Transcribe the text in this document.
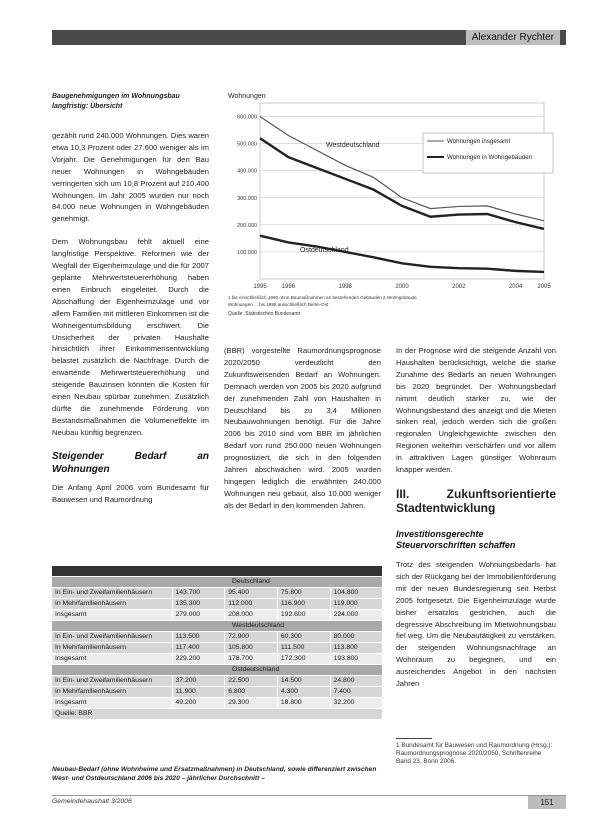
Alexander Rychter
Baugenehmigungen im Wohnungsbau langfristig: Übersicht

gezählt rund 240.000 Wohnungen. Dies waren etwa 10,3 Prozent oder 27.600 weniger als im Vorjahr. Die Genehmigungen für den Bau neuer Wohnungen in Wohngebäuden verringerten sich um 10,8 Prozent auf 210.400 Wohnungen. Im Jahr 2005 wurden nur noch 84.000 neue Wohnungen in Wohngebäuden genehmigt.

Dem Wohnungsbau fehlt aktuell eine langfristige Perspektive. Reformen wie der Wegfall der Eigenheimzulage und die für 2007 geplante Mehrwertsteuererhöhung haben einen Einbruch eingeleitet. Durch die Abschaffung der Eigenheimzulage und vor allem Familien mit mittleren Einkommen ist die Wohneigentumsbildung erschwert. Die Unsicherheit der privaten Haushalte hinsichtlich ihrer Einkommensentwicklung belastet zusätzlich die Nachfrage. Durch die erwartende Mehrwertsteuererhöhung und steigende Bauzinsen könnten die Kosten für einen Neubau spürbar zunehmen. Zusätzlich dürfte die zunehmende Förderung von Bestandsmaßnahmen die Volumeneffekte im Neubau künftig begrenzen.

Steigender Bedarf an Wohnungen

Die Anfang April 2006 vom Bundesamt für Bauwesen und Raumordnung

Wohnungen
100.000
200.000
300.000
400.000
500.000
600.000
1995	1996	1998	2000	2002	2004	2005
Westdeutschland
Ostdeutschland
Wohnungen insgesamt
Wohnungen in Wohngebäuden
1 bis einschließlich 1990 ohne Baumaßnahmen an bestehenden Gebäuden 2 Wohngebäude
Wohnungen ... bis 1995 ausschließlich Berlin-Ost
Quelle: Statistisches Bundesamt

(BBR) vorgestellte Raumordnungsprognose 2020/2050 verdeutlicht den Zukunftsweisenden Bedarf an Wohnungen. Demnach werden von 2005 bis 2020 aufgrund der zunehmenden Zahl von Haushalten in Deutschland bis zu 3,4 Millionen Neubauwohnungen benötigt. Für die Jahre 2006 bis 2010 sind vom BBR im jährlichen Bedarf von rund 250.000 neuen Wohnungen prognostiziert, die sich in den folgenden Jahren abschwächen wird. 2005 wurden hingegen lediglich die erwähnten 240.000 Wohnungen neu gebaut, also 10.000 weniger als der Bedarf in den kommenden Jahren.

In der Prognose wird die steigende Anzahl von Haushalten berücksichtigt, welche die starke Zunahme des Bedarfs an neuen Wohnungen bis 2020 begründet. Der Wohnungsbedarf nimmt deutlich stärker zu, wie der Wohnungsbestand dies anzeigt und die Mieten sinken real, jedoch werden sich die großen regionalen Ungleichgewichte zwischen den Regionen weiterhin verschärfen und vor allem in attraktiven Lagen günstiger Wohnraum knapper werden.

III. Zukunftsorientierte Stadtentwicklung
Investitionsgerechte Steuervorschriften schaffen

Trotz des steigenden Wohnungsbedarfs hat sich der Rückgang bei der Immobilienförderung mit der neuen Bundesregierung seit Herbst 2005 fortgesetzt. Die Eigenheimzulage wurde bisher ersatzlos gestrichen, auch die degressive Abschreibung im Mietwohnungsbau fiel weg. Um die Neubautätigkeit zu verstärken, der steigenden Wohnungsnachfrage an Wohnraum zu begegnen, und ein ausreichendes Angebot in den nächsten Jahren

	Deutschland			
In Ein- und Zweifamilienhäusern	143.700	95.400	75.800	104.800
In Mehrfamilienhäusern	135.300	112.000	116.900	119.000
Insgesamt	279.000	208.000	192.600	224.000
	Westdeutschland			
In Ein- und Zweifamilienhäusern	113.500	72.900	60.300	80.000
In Mehrfamilienhäusern	117.400	105.800	111.500	113.800
Insgesamt	229.200	178.700	172.300	193.800
	Ostdeutschland			
In Ein- und Zweifamilienhäusern	37.200	22.500	14.500	24.800
In Mehrfamilienhäusern	11.900	6.800	4.300	7.400
Insgesamt	49.200	29.300	18.800	32.200
Quelle: BBR				
Neubau-Bedarf (ohne Wohnheime und Ersatzmaßnahmen) in Deutschland, sowie differenziert zwischen West- und Ostdeutschland 2006 bis 2020 – jährlicher Durchschnitt –
1 Bundesamt für Bauwesen und Raumordnung (Hrsg.): Raumordnungsprognose 2020/2050, Schriftenreihe Band 23, Bonn 2006.
Gemeindehaushalt 3/2006	151
